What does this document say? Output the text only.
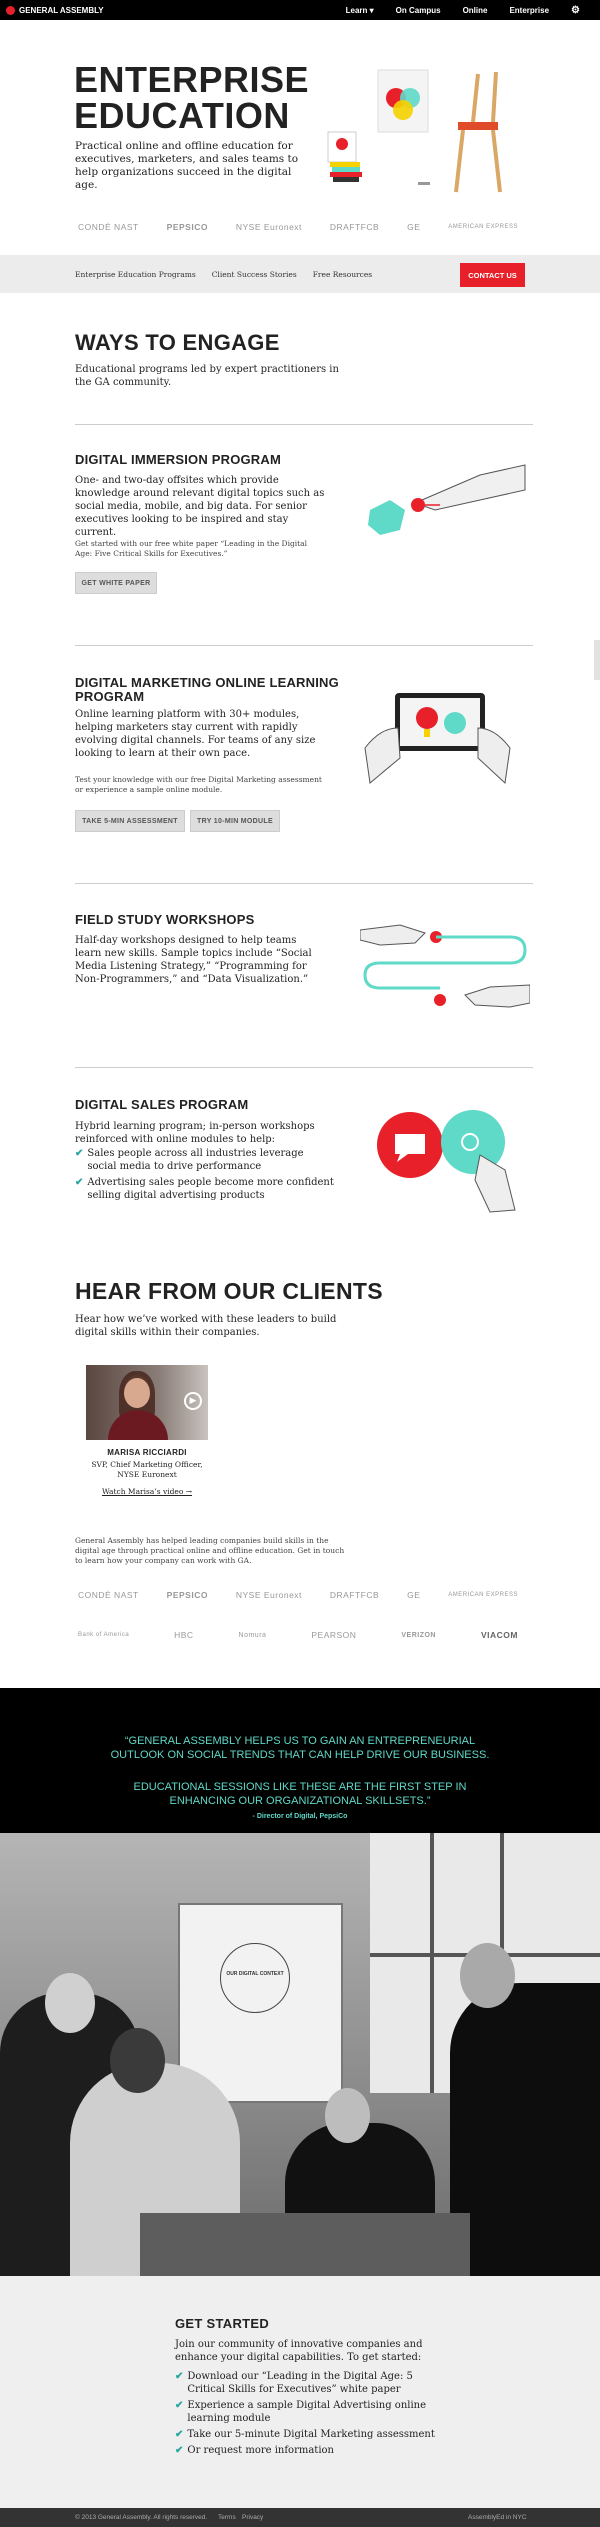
GENERAL ASSEMBLY	Learn ▾	On Campus	Online	Enterprise ⚙
ENTERPRISE
EDUCATION
Practical online and offline education for executives, marketers, and sales teams to help organizations succeed in the digital age.
CONDÉ NAST	PEPSICO	NYSE Euronext	DRAFTFCB	GE	AMERICAN EXPRESS
Enterprise Education Programs Client Success Stories Free Resources	CONTACT US
WAYS TO ENGAGE
Educational programs led by expert practitioners in the GA community.
DIGITAL IMMERSION PROGRAM
One- and two-day offsites which provide knowledge around relevant digital topics such as social media, mobile, and big data. For senior executives looking to be inspired and stay current.
Get started with our free white paper “Leading in the Digital Age: Five Critical Skills for Executives.”
GET WHITE PAPER
DIGITAL MARKETING ONLINE LEARNING
PROGRAM
Online learning platform with 30+ modules, helping marketers stay current with rapidly evolving digital channels. For teams of any size looking to learn at their own pace.
Test your knowledge with our free Digital Marketing assessment or experience a sample online module.
TAKE 5-MIN ASSESSMENT	TRY 10-MIN MODULE
FIELD STUDY WORKSHOPS
Half-day workshops designed to help teams learn new skills. Sample topics include “Social Media Listening Strategy,” “Programming for Non-Programmers,” and “Data Visualization.”
DIGITAL SALES PROGRAM
Hybrid learning program; in-person workshops reinforced with online modules to help:
✔ Sales people across all industries leverage social media to drive performance
✔ Advertising sales people become more confident selling digital advertising products
HEAR FROM OUR CLIENTS
Hear how we’ve worked with these leaders to build digital skills within their companies.
▶
MARISA RICCIARDI
SVP, Chief Marketing Officer,
NYSE Euronext
Watch Marisa’s video →
General Assembly has helped leading companies build skills in the digital age through practical online and offline education. Get in touch to learn how your company can work with GA.
CONDÉ NAST	PEPSICO	NYSE Euronext	DRAFTFCB	GE	AMERICAN EXPRESS
Bank of America	HBC	Nomura	PEARSON	VERIZON	VIACOM
“GENERAL ASSEMBLY HELPS US TO GAIN AN ENTREPRENEURIAL
OUTLOOK ON SOCIAL TRENDS THAT CAN HELP DRIVE OUR BUSINESS.
EDUCATIONAL SESSIONS LIKE THESE ARE THE FIRST STEP IN
ENHANCING OUR ORGANIZATIONAL SKILLSETS.”
- Director of Digital, PepsiCo
OUR DIGITAL CONTEXT
GET STARTED
Join our community of innovative companies and enhance your digital capabilities. To get started:
✔ Download our “Leading in the Digital Age: 5 Critical Skills for Executives” white paper
✔ Experience a sample Digital Advertising online learning module
✔ Take our 5-minute Digital Marketing assessment
✔ Or request more information
© 2013 General Assembly. All rights reserved. Terms Privacy	AssemblyEd in NYC
